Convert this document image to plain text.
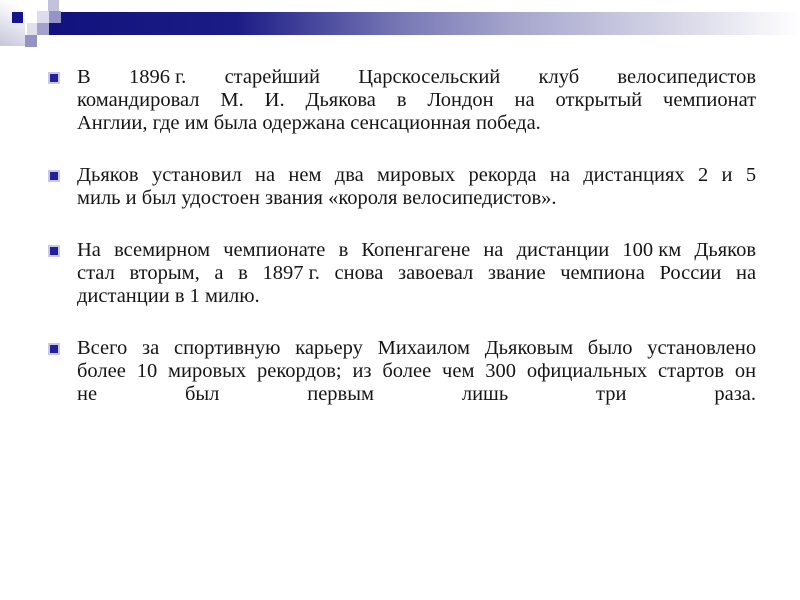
В 1896 г. старейший Царскосельский клуб велосипедистов
командировал М. И. Дьякова в Лондон на открытый чемпионат
Англии, где им была одержана сенсационная победа.
Дьяков установил на нем два мировых рекорда на дистанциях 2 и 5
миль и был удостоен звания «короля велосипедистов».
На всемирном чемпионате в Копенгагене на дистанции 100 км Дьяков
стал вторым, а в 1897 г. снова завоевал звание чемпиона России на
дистанции в 1 милю.
Всего за спортивную карьеру Михаилом Дьяковым было установлено
более 10 мировых рекордов; из более чем 300 официальных стартов он
не	был	первым	лишь	три	раза.
